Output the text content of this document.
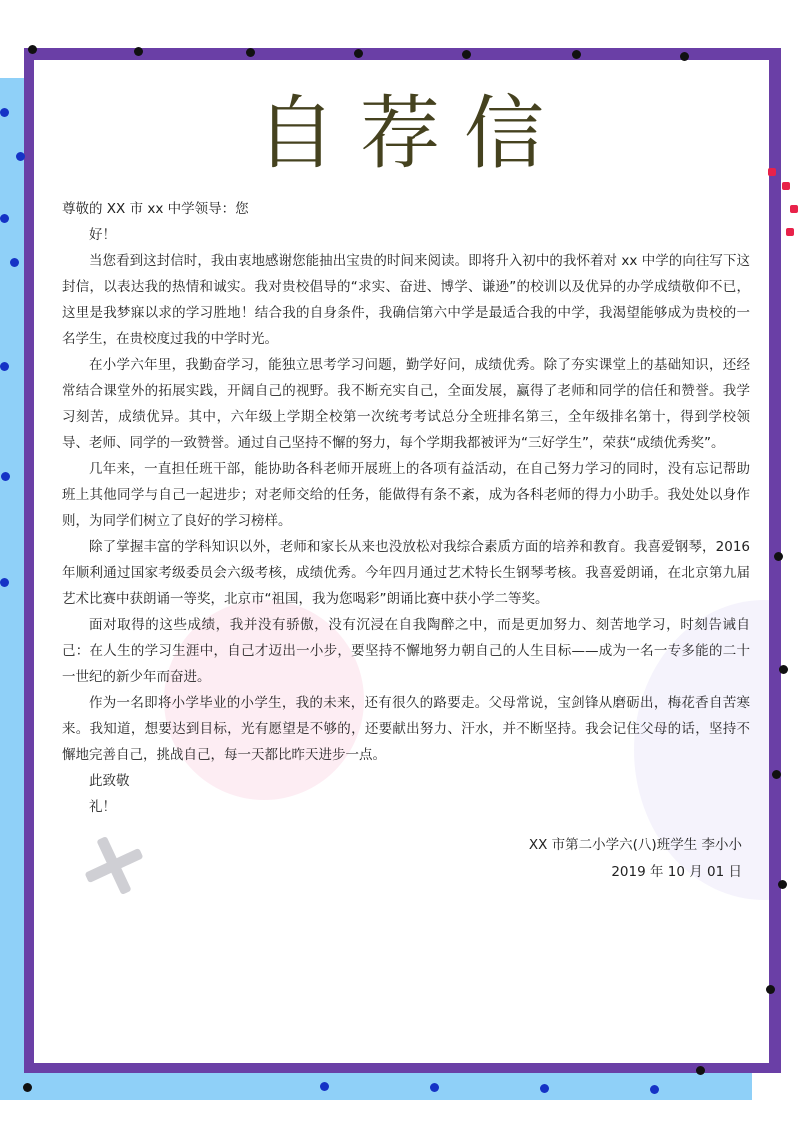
自荐信

尊敬的 XX 市 xx 中学领导：您

好！

当您看到这封信时，我由衷地感谢您能抽出宝贵的时间来阅读。即将升入初中的我怀着对 xx 中学的向往写下这封信，以表达我的热情和诚实。我对贵校倡导的“求实、奋进、博学、谦逊”的校训以及优异的办学成绩敬仰不已，这里是我梦寐以求的学习胜地！结合我的自身条件，我确信第六中学是最适合我的中学，我渴望能够成为贵校的一名学生，在贵校度过我的中学时光。

在小学六年里，我勤奋学习，能独立思考学习问题，勤学好问，成绩优秀。除了夯实课堂上的基础知识，还经常结合课堂外的拓展实践，开阔自己的视野。我不断充实自己，全面发展，赢得了老师和同学的信任和赞誉。我学习刻苦，成绩优异。其中，六年级上学期全校第一次统考考试总分全班排名第三，全年级排名第十，得到学校领导、老师、同学的一致赞誉。通过自己坚持不懈的努力，每个学期我都被评为“三好学生”，荣获“成绩优秀奖”。

几年来，一直担任班干部，能协助各科老师开展班上的各项有益活动，在自己努力学习的同时，没有忘记帮助班上其他同学与自己一起进步；对老师交给的任务，能做得有条不紊，成为各科老师的得力小助手。我处处以身作则，为同学们树立了良好的学习榜样。

除了掌握丰富的学科知识以外，老师和家长从来也没放松对我综合素质方面的培养和教育。我喜爱钢琴，2016 年顺利通过国家考级委员会六级考核，成绩优秀。今年四月通过艺术特长生钢琴考核。我喜爱朗诵，在北京第九届艺术比赛中获朗诵一等奖，北京市“祖国，我为您喝彩”朗诵比赛中获小学二等奖。

面对取得的这些成绩，我并没有骄傲，没有沉浸在自我陶醉之中，而是更加努力、刻苦地学习，时刻告诫自己：在人生的学习生涯中，自己才迈出一小步，要坚持不懈地努力朝自己的人生目标——成为一名一专多能的二十一世纪的新少年而奋进。

作为一名即将小学毕业的小学生，我的未来，还有很久的路要走。父母常说，宝剑锋从磨砺出，梅花香自苦寒来。我知道，想要达到目标，光有愿望是不够的，还要献出努力、汗水，并不断坚持。我会记住父母的话，坚持不懈地完善自己，挑战自己，每一天都比昨天进步一点。

此致敬

礼！

XX 市第二小学六(八)班学生 李小小
2019 年 10 月 01 日
